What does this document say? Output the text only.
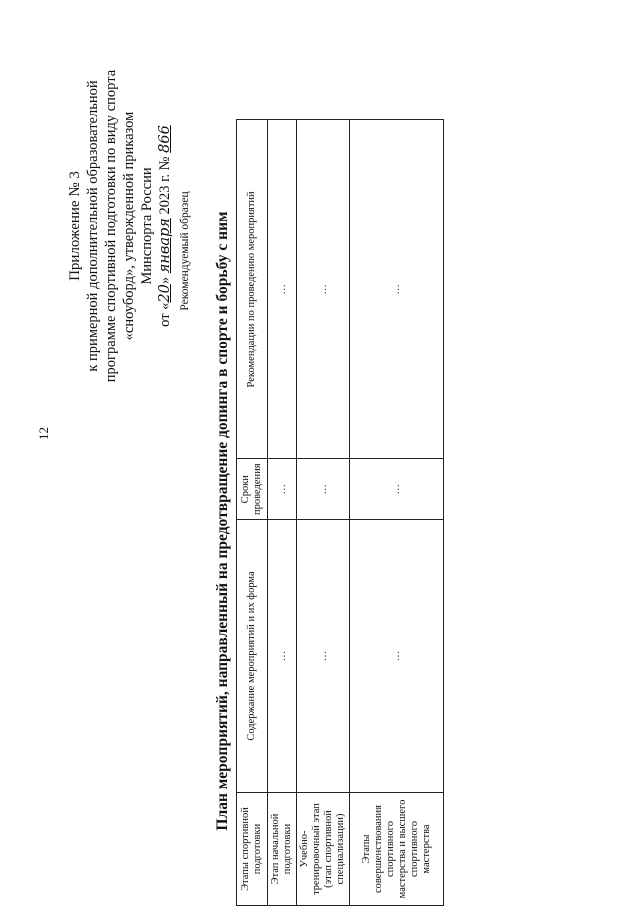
12
Приложение № 3 к примерной дополнительной образовательной программе спортивной подготовки по виду спорта «сноуборд», утвержденной приказом Минспорта России
от «20» января 2023 г. № 866
Рекомендуемый образец План мероприятий, направленный на предотвращение допинга в спорте и борьбу с ним
Этапы спортивной подготовки	Содержание мероприятий и их форма	Сроки проведения	Рекомендации по проведению мероприятий
Этап начальной подготовки	…	…	…
Учебно-тренировочный этап (этап спортивной специализации)	…	…	…
Этапы совершенствования спортивного мастерства и высшего спортивного мастерства	…	…	…
